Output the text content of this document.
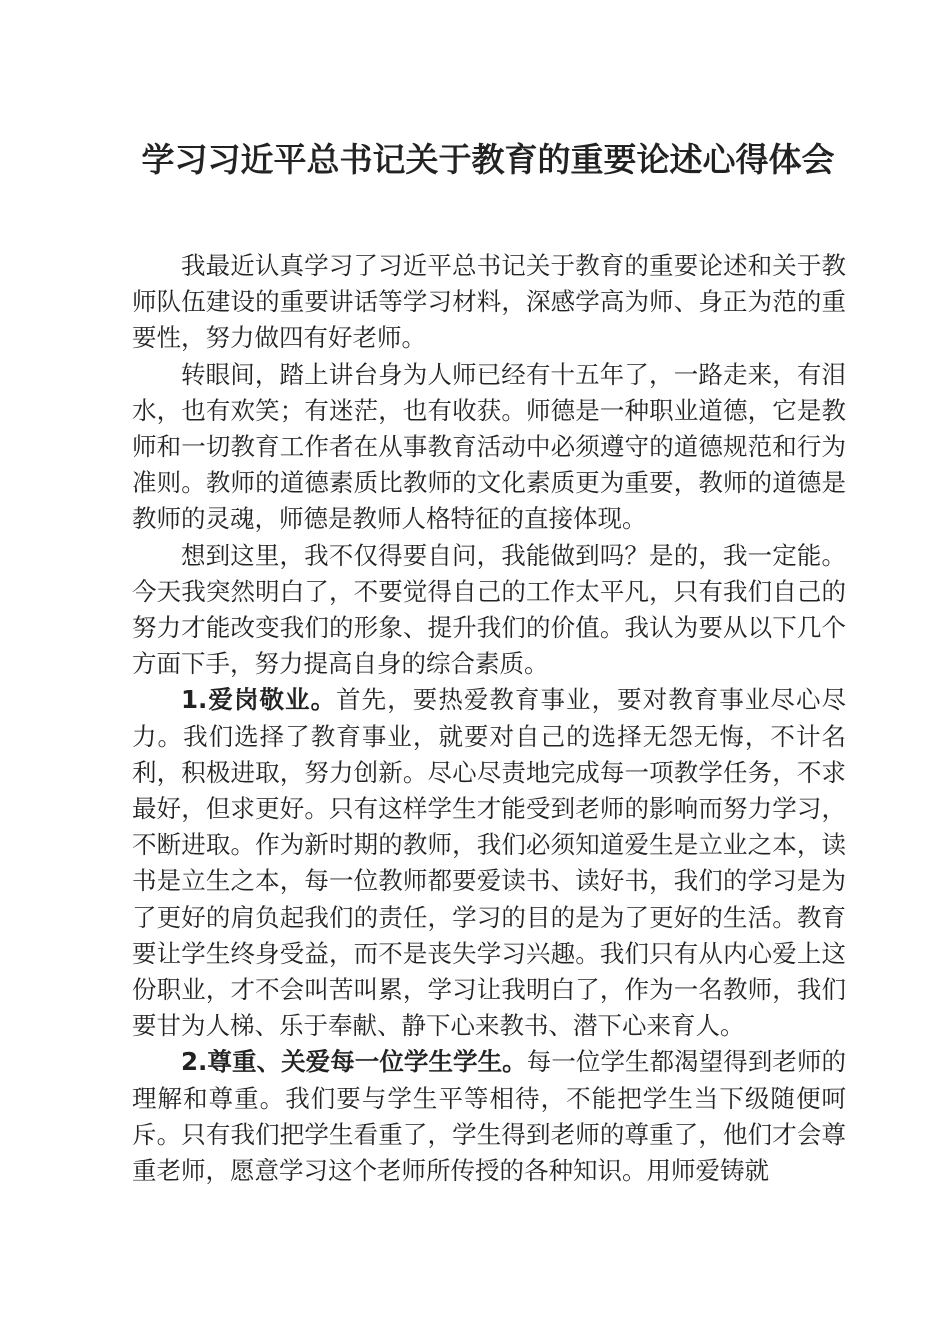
学习习近平总书记关于教育的重要论述心得体会

我最近认真学习了习近平总书记关于教育的重要论述和关于教师队伍建设的重要讲话等学习材料，深感学高为师、身正为范的重要性，努力做四有好老师。

转眼间，踏上讲台身为人师已经有十五年了，一路走来，有泪水，也有欢笑；有迷茫，也有收获。师德是一种职业道德，它是教师和一切教育工作者在从事教育活动中必须遵守的道德规范和行为准则。教师的道德素质比教师的文化素质更为重要，教师的道德是教师的灵魂，师德是教师人格特征的直接体现。

想到这里，我不仅得要自问，我能做到吗？是的，我一定能。今天我突然明白了，不要觉得自己的工作太平凡，只有我们自己的努力才能改变我们的形象、提升我们的价值。我认为要从以下几个方面下手，努力提高自身的综合素质。

1.爱岗敬业。首先，要热爱教育事业，要对教育事业尽心尽力。我们选择了教育事业，就要对自己的选择无怨无悔，不计名利，积极进取，努力创新。尽心尽责地完成每一项教学任务，不求最好，但求更好。只有这样学生才能受到老师的影响而努力学习，不断进取。作为新时期的教师，我们必须知道爱生是立业之本，读书是立生之本，每一位教师都要爱读书、读好书，我们的学习是为了更好的肩负起我们的责任，学习的目的是为了更好的生活。教育要让学生终身受益，而不是丧失学习兴趣。我们只有从内心爱上这份职业，才不会叫苦叫累，学习让我明白了，作为一名教师，我们要甘为人梯、乐于奉献、静下心来教书、潜下心来育人。

2.尊重、关爱每一位学生学生。每一位学生都渴望得到老师的理解和尊重。我们要与学生平等相待，不能把学生当下级随便呵斥。只有我们把学生看重了，学生得到老师的尊重了，他们才会尊重老师，愿意学习这个老师所传授的各种知识。用师爱铸就
